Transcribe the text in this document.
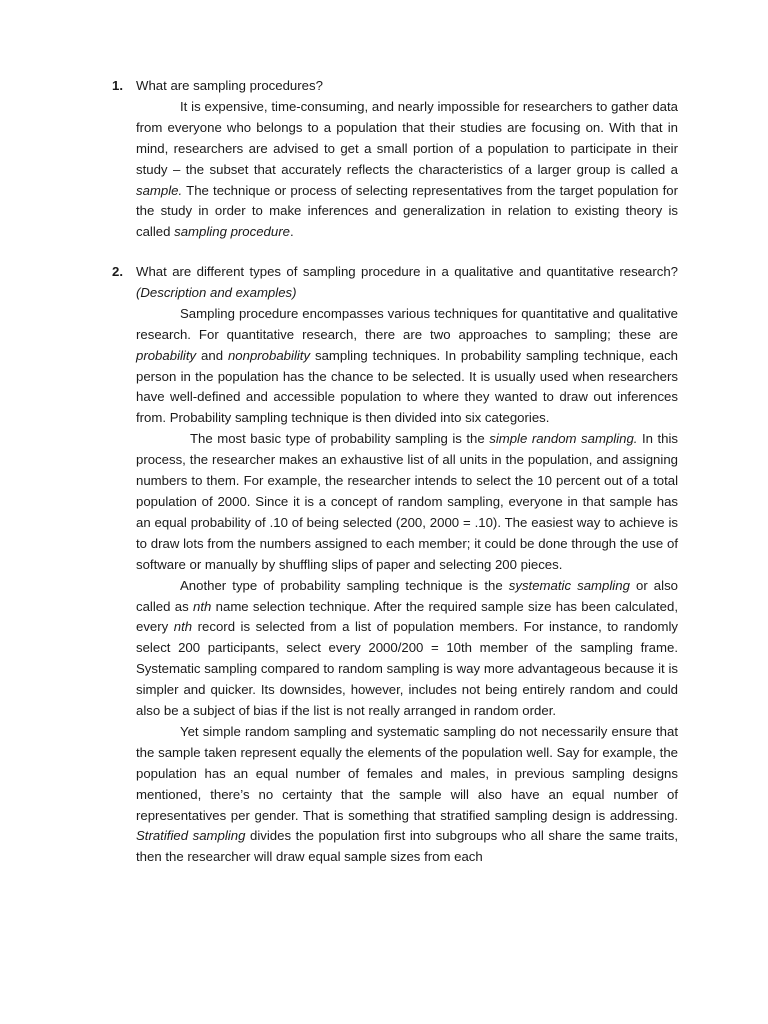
1. What are sampling procedures?

It is expensive, time-consuming, and nearly impossible for researchers to gather data from everyone who belongs to a population that their studies are focusing on. With that in mind, researchers are advised to get a small portion of a population to participate in their study – the subset that accurately reflects the characteristics of a larger group is called a sample. The technique or process of selecting representatives from the target population for the study in order to make inferences and generalization in relation to existing theory is called sampling procedure.

2. What are different types of sampling procedure in a qualitative and quantitative research? (Description and examples)

Sampling procedure encompasses various techniques for quantitative and qualitative research. For quantitative research, there are two approaches to sampling; these are probability and nonprobability sampling techniques. In probability sampling technique, each person in the population has the chance to be selected. It is usually used when researchers have well-defined and accessible population to where they wanted to draw out inferences from. Probability sampling technique is then divided into six categories.

The most basic type of probability sampling is the simple random sampling. In this process, the researcher makes an exhaustive list of all units in the population, and assigning numbers to them. For example, the researcher intends to select the 10 percent out of a total population of 2000. Since it is a concept of random sampling, everyone in that sample has an equal probability of .10 of being selected (200, 2000 = .10). The easiest way to achieve is to draw lots from the numbers assigned to each member; it could be done through the use of software or manually by shuffling slips of paper and selecting 200 pieces.

Another type of probability sampling technique is the systematic sampling or also called as nth name selection technique. After the required sample size has been calculated, every nth record is selected from a list of population members. For instance, to randomly select 200 participants, select every 2000/200 = 10th member of the sampling frame. Systematic sampling compared to random sampling is way more advantageous because it is simpler and quicker. Its downsides, however, includes not being entirely random and could also be a subject of bias if the list is not really arranged in random order.

Yet simple random sampling and systematic sampling do not necessarily ensure that the sample taken represent equally the elements of the population well. Say for example, the population has an equal number of females and males, in previous sampling designs mentioned, there’s no certainty that the sample will also have an equal number of representatives per gender. That is something that stratified sampling design is addressing. Stratified sampling divides the population first into subgroups who all share the same traits, then the researcher will draw equal sample sizes from each
